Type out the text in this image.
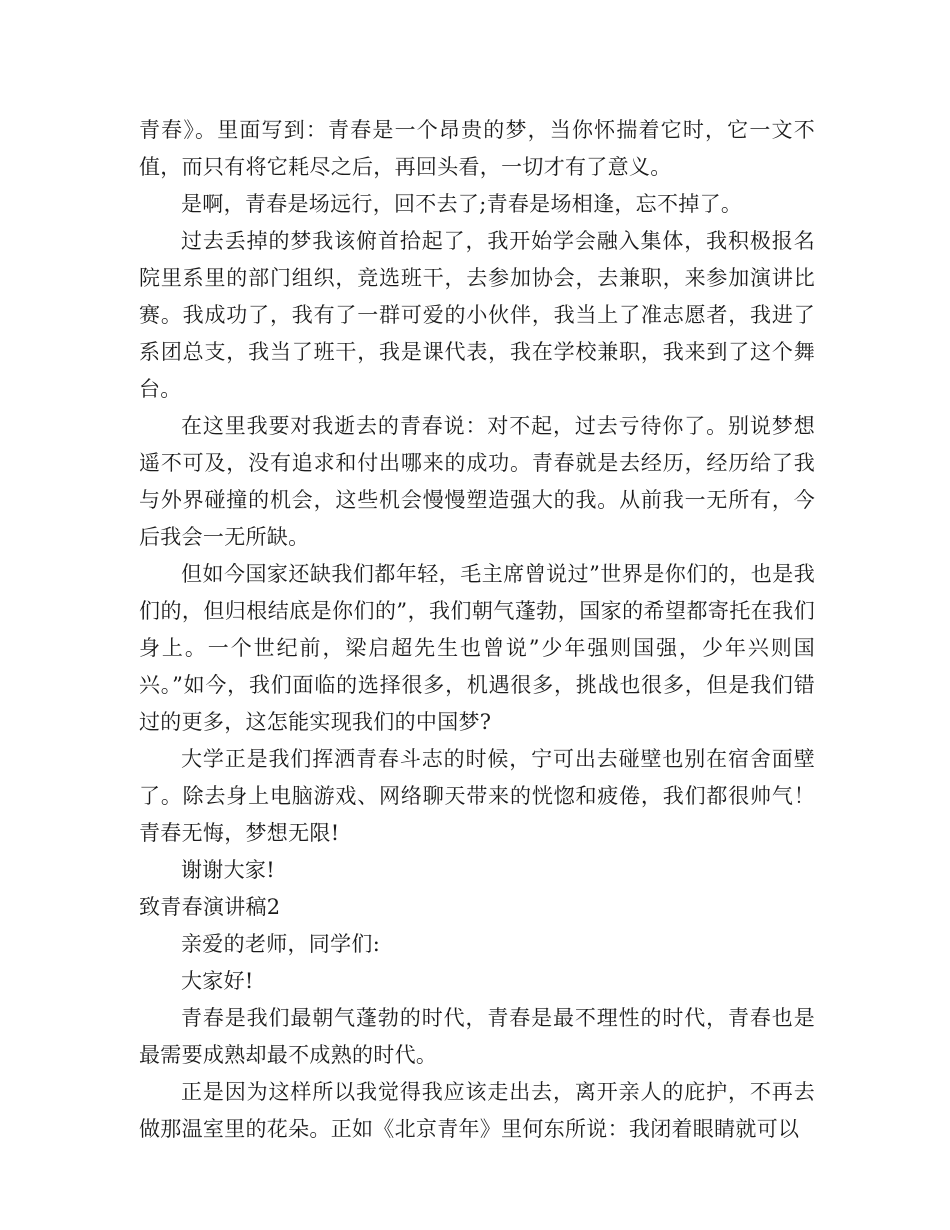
青春》。里面写到：青春是一个昂贵的梦，当你怀揣着它时，它一文不值，而只有将它耗尽之后，再回头看，一切才有了意义。

是啊，青春是场远行，回不去了;青春是场相逢，忘不掉了。

过去丢掉的梦我该俯首拾起了，我开始学会融入集体，我积极报名院里系里的部门组织，竞选班干，去参加协会，去兼职，来参加演讲比赛。我成功了，我有了一群可爱的小伙伴，我当上了准志愿者，我进了系团总支，我当了班干，我是课代表，我在学校兼职，我来到了这个舞台。

在这里我要对我逝去的青春说：对不起，过去亏待你了。别说梦想遥不可及，没有追求和付出哪来的成功。青春就是去经历，经历给了我与外界碰撞的机会，这些机会慢慢塑造强大的我。从前我一无所有，今后我会一无所缺。

但如今国家还缺我们都年轻，毛主席曾说过”世界是你们的，也是我们的，但归根结底是你们的”，我们朝气蓬勃，国家的希望都寄托在我们身上。一个世纪前，梁启超先生也曾说”少年强则国强，少年兴则国兴。”如今，我们面临的选择很多，机遇很多，挑战也很多，但是我们错过的更多，这怎能实现我们的中国梦?

大学正是我们挥洒青春斗志的时候，宁可出去碰壁也别在宿舍面壁了。除去身上电脑游戏、网络聊天带来的恍惚和疲倦，我们都很帅气！青春无悔，梦想无限!

谢谢大家!

致青春演讲稿2

亲爱的老师，同学们:

大家好!

青春是我们最朝气蓬勃的时代，青春是最不理性的时代，青春也是最需要成熟却最不成熟的时代。

正是因为这样所以我觉得我应该走出去，离开亲人的庇护，不再去做那温室里的花朵。正如《北京青年》里何东所说：我闭着眼睛就可以
